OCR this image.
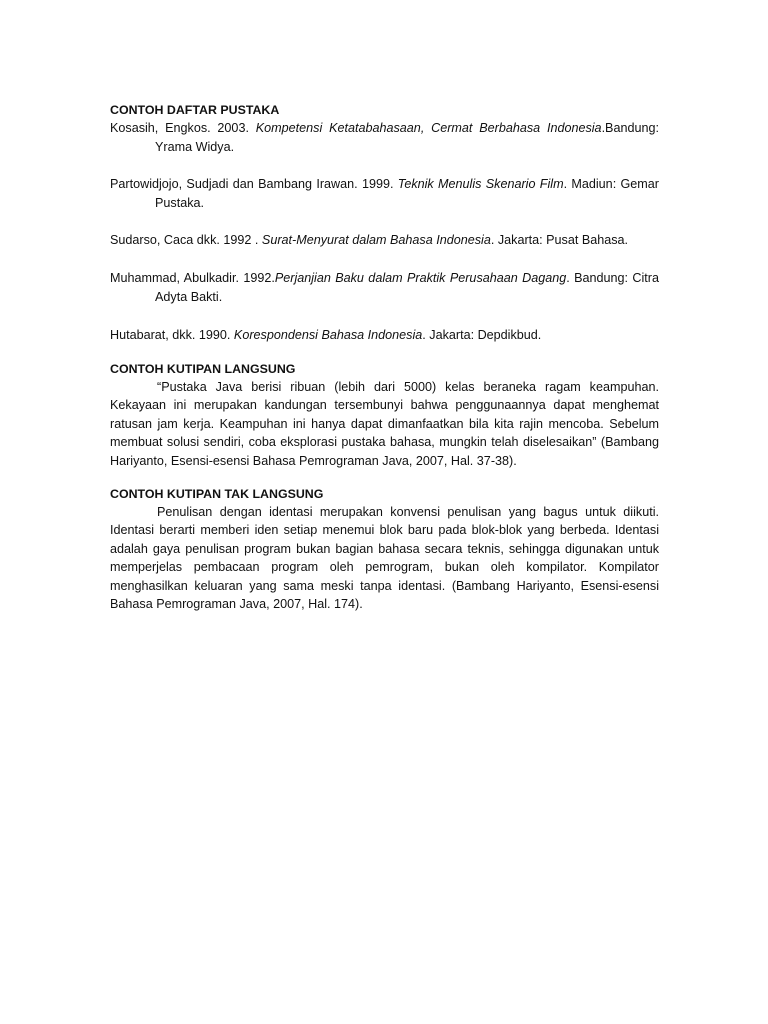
CONTOH DAFTAR PUSTAKA

Kosasih, Engkos. 2003. Kompetensi Ketatabahasaan, Cermat Berbahasa Indonesia.Bandung: Yrama Widya.

Partowidjojo, Sudjadi dan Bambang Irawan. 1999. Teknik Menulis Skenario Film. Madiun: Gemar Pustaka.

Sudarso, Caca dkk. 1992 . Surat-Menyurat dalam Bahasa Indonesia. Jakarta: Pusat Bahasa.

Muhammad, Abulkadir. 1992.Perjanjian Baku dalam Praktik Perusahaan Dagang. Bandung: Citra Adyta Bakti.

Hutabarat, dkk. 1990. Korespondensi Bahasa Indonesia. Jakarta: Depdikbud.

CONTOH KUTIPAN LANGSUNG

“Pustaka Java berisi ribuan (lebih dari 5000) kelas beraneka ragam keampuhan. Kekayaan ini merupakan kandungan tersembunyi bahwa penggunaannya dapat menghemat ratusan jam kerja. Keampuhan ini hanya dapat dimanfaatkan bila kita rajin mencoba. Sebelum membuat solusi sendiri, coba eksplorasi pustaka bahasa, mungkin telah diselesaikan” (Bambang Hariyanto, Esensi-esensi Bahasa Pemrograman Java, 2007, Hal. 37-38).

CONTOH KUTIPAN TAK LANGSUNG

Penulisan dengan identasi merupakan konvensi penulisan yang bagus untuk diikuti. Identasi berarti memberi iden setiap menemui blok baru pada blok-blok yang berbeda. Identasi adalah gaya penulisan program bukan bagian bahasa secara teknis, sehingga digunakan untuk memperjelas pembacaan program oleh pemrogram, bukan oleh kompilator. Kompilator menghasilkan keluaran yang sama meski tanpa identasi. (Bambang Hariyanto, Esensi-esensi Bahasa Pemrograman Java, 2007, Hal. 174).
